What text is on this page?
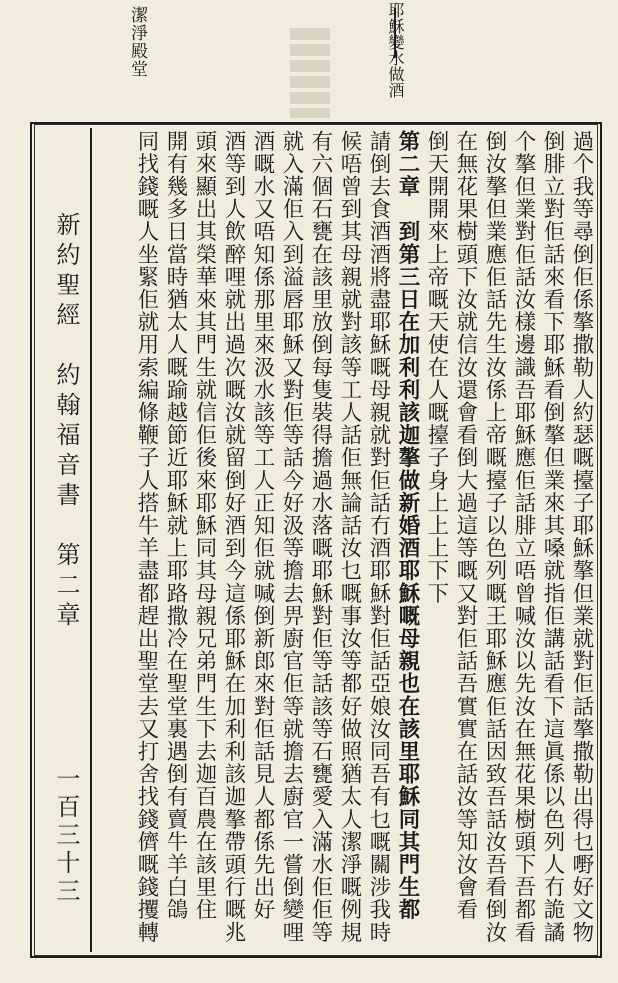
潔淨殿堂	耶穌變水做酒
新約聖經　約翰福音書　第二章
一百三十三	過个我等尋倒佢係摮撒勒人約瑟嘅擡子耶穌摮但業就對佢話摮撒勒出得乜嘢好文物
倒腓立對佢話來看下耶穌看倒摮但業來其嗓就指佢講話看下這眞係以色列人冇詭譎
个摮但業對佢話汝樣邊識吾耶穌應佢話腓立唔曾喊汝以先汝在無花果樹頭下吾都看
倒汝摮但業應佢話先生汝係上帝嘅擡子以色列嘅王耶穌應佢話因致吾話汝吾看倒汝
在無花果樹頭下汝就信汝還會看倒大過這等嘅又對佢話吾實實在話汝等知汝會看
倒天開開來上帝嘅天使在人嘅擡子身上上上下下
第二章　到第三日在加利利該迦摮做新婚酒耶穌嘅母親也在該里耶穌同其門生都
請倒去食酒酒將盡耶穌嘅母親就對佢話冇酒耶穌對佢話亞娘汝同吾有乜嘅關涉我時
候唔曾到其母親就對該等工人話佢無論話汝乜嘅事汝等都好做照猶太人潔淨嘅例規
有六個石甕在該里放倒每隻裝得擔過水落嘅耶穌對佢等話該等石甕愛入滿水佢佢等
就入滿佢入到溢唇耶穌又對佢等話今好汲等擔去畀廚官佢等就擔去廚官一嘗倒變哩
酒嘅水又唔知係那里來汲水該等工人正知佢就喊倒新郎來對佢話見人都係先出好
酒等到人飲醉哩就出過次嘅汝就留倒好酒到今這係耶穌在加利利該迦摮帶頭行嘅兆
頭來顯出其榮華來其門生就信佢後來耶穌同其母親兄弟門生下去迦百農在該里住
開有幾多日當時猶太人嘅踰越節近耶穌就上耶路撒冷在聖堂裏遇倒有賣牛羊白鴿
同找錢嘅人坐緊佢就用索編條鞭子人搭牛羊盡都趕出聖堂去又打舍找錢儕嘅錢攫轉
